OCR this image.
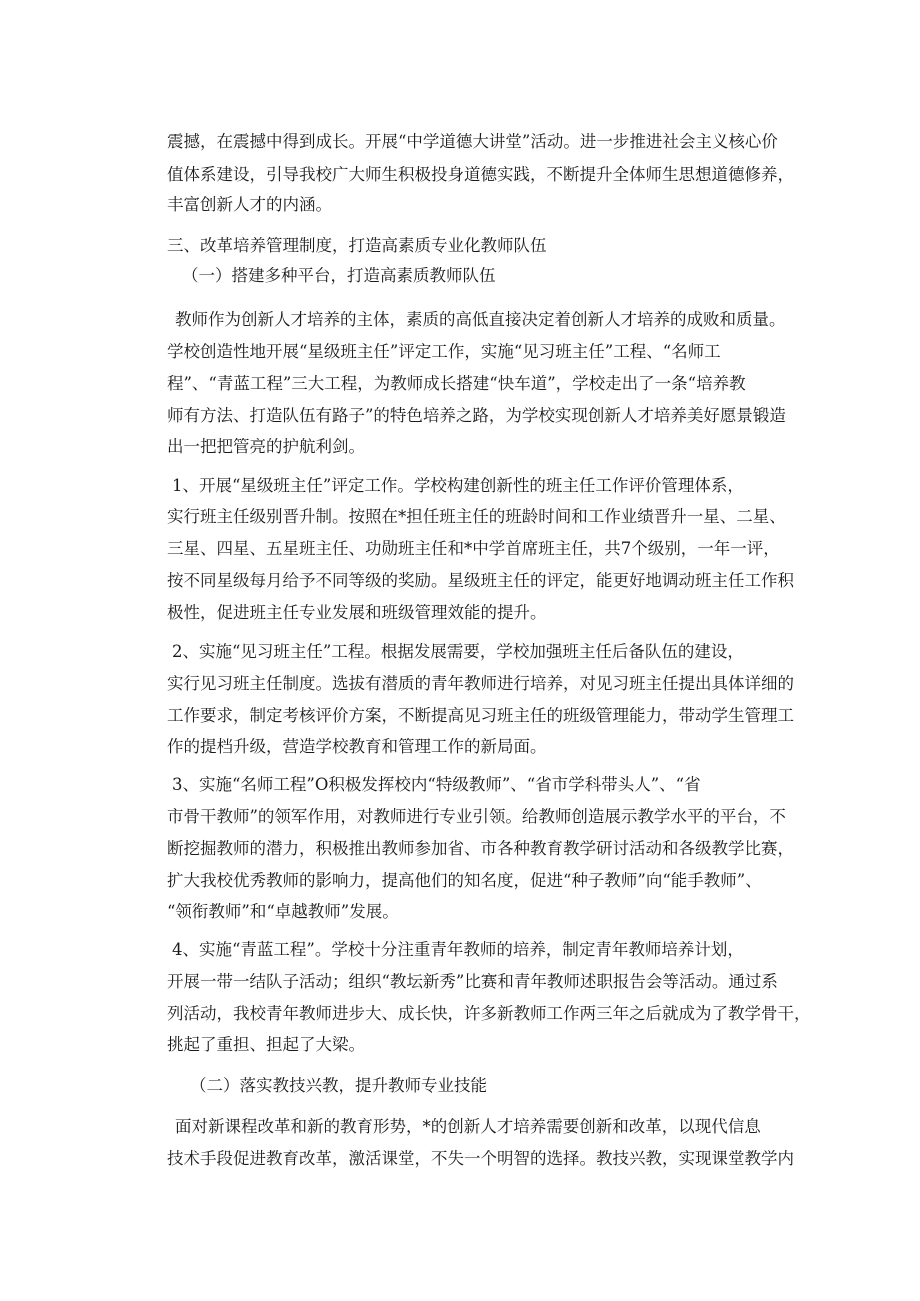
震撼，在震撼中得到成长。开展“中学道德大讲堂”活动。进一步推进社会主义核心价

值体系建设，引导我校广大师生积极投身道德实践，不断提升全体师生思想道德修养，

丰富创新人才的内涵。

三、改革培养管理制度，打造高素质专业化教师队伍

（一）搭建多种平台，打造高素质教师队伍

教师作为创新人才培养的主体，素质的高低直接决定着创新人才培养的成败和质量。

学校创造性地开展“星级班主任”评定工作，实施“见习班主任”工程、“名师工

程”、“青蓝工程”三大工程，为教师成长搭建“快车道”，学校走出了一条“培养教

师有方法、打造队伍有路子”的特色培养之路，为学校实现创新人才培养美好愿景锻造

出一把把管亮的护航利剑。

1、开展“星级班主任”评定工作。学校构建创新性的班主任工作评价管理体系，

实行班主任级别晋升制。按照在*担任班主任的班龄时间和工作业绩晋升一星、二星、

三星、四星、五星班主任、功勋班主任和*中学首席班主任，共7个级别，一年一评，

按不同星级每月给予不同等级的奖励。星级班主任的评定，能更好地调动班主任工作积

极性，促进班主任专业发展和班级管理效能的提升。

2、实施“见习班主任”工程。根据发展需要，学校加强班主任后备队伍的建设，

实行见习班主任制度。选拔有潜质的青年教师进行培养，对见习班主任提出具体详细的

工作要求，制定考核评价方案，不断提高见习班主任的班级管理能力，带动学生管理工

作的提档升级，营造学校教育和管理工作的新局面。

3、实施“名师工程”O积极发挥校内“特级教师”、“省市学科带头人”、“省

市骨干教师”的领军作用，对教师进行专业引领。给教师创造展示教学水平的平台，不

断挖掘教师的潜力，积极推出教师参加省、市各种教育教学研讨活动和各级教学比赛，

扩大我校优秀教师的影响力，提高他们的知名度，促进“种子教师”向“能手教师”、

“领衔教师”和“卓越教师”发展。

4、实施“青蓝工程”。学校十分注重青年教师的培养，制定青年教师培养计划，

开展一带一结队子活动；组织“教坛新秀”比赛和青年教师述职报告会等活动。通过系

列活动，我校青年教师进步大、成长快，许多新教师工作两三年之后就成为了教学骨干，

挑起了重担、担起了大梁。

（二）落实教技兴教，提升教师专业技能

面对新课程改革和新的教育形势，*的创新人才培养需要创新和改革，以现代信息

技术手段促进教育改革，激活课堂，不失一个明智的选择。教技兴教，实现课堂教学内
